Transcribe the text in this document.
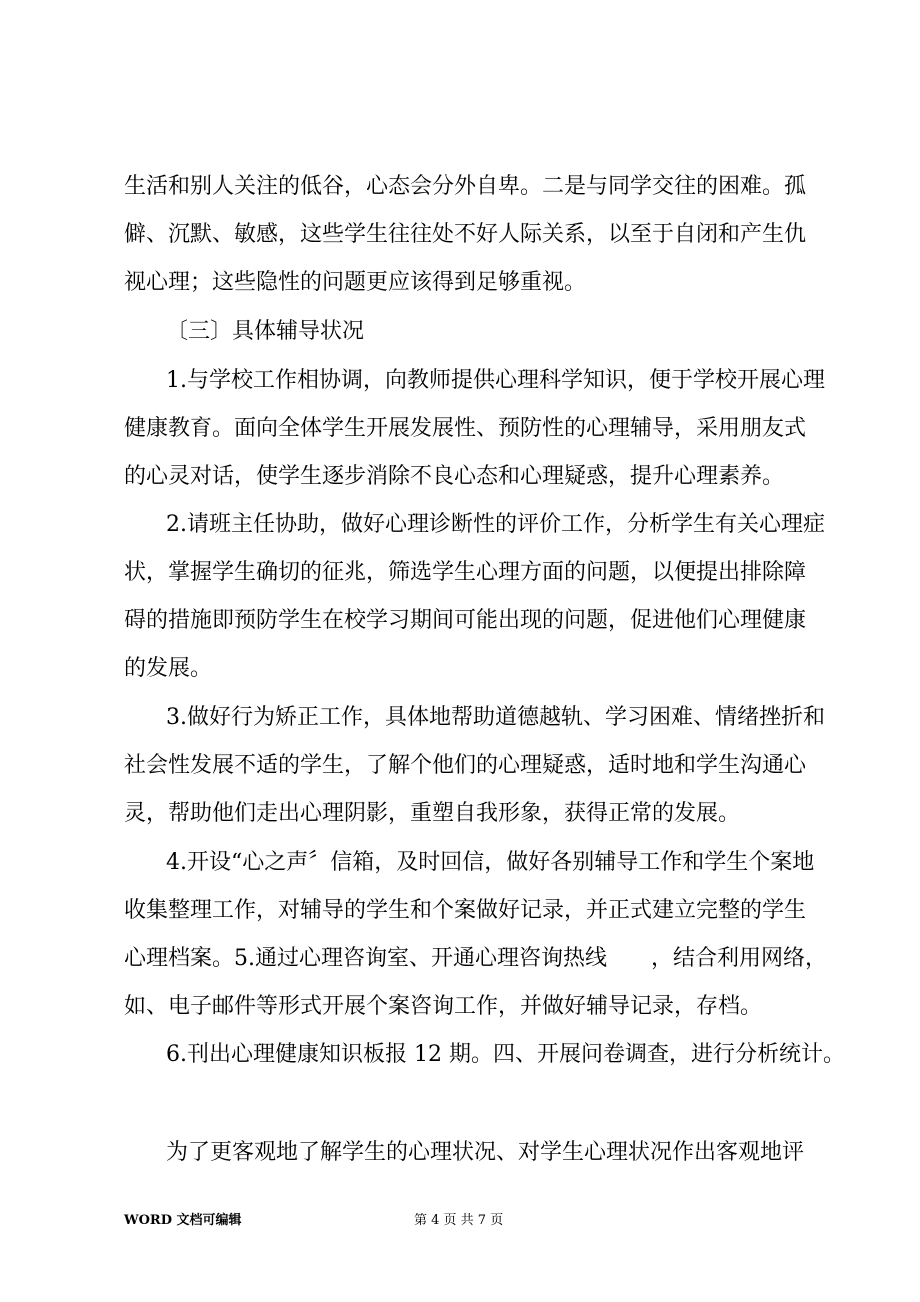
生活和别人关注的低谷，心态会分外自卑。二是与同学交往的困难。孤
僻、沉默、敏感，这些学生往往处不好人际关系，以至于自闭和产生仇
视心理；这些隐性的问题更应该得到足够重视。
〔三〕具体辅导状况
1.与学校工作相协调，向教师提供心理科学知识，便于学校开展心理
健康教育。面向全体学生开展发展性、预防性的心理辅导，采用朋友式
的心灵对话，使学生逐步消除不良心态和心理疑惑，提升心理素养。
2.请班主任协助，做好心理诊断性的评价工作，分析学生有关心理症
状，掌握学生确切的征兆，筛选学生心理方面的问题，以便提出排除障
碍的措施即预防学生在校学习期间可能出现的问题，促进他们心理健康
的发展。
3.做好行为矫正工作，具体地帮助道德越轨、学习困难、情绪挫折和
社会性发展不适的学生，了解个他们的心理疑惑，适时地和学生沟通心
灵，帮助他们走出心理阴影，重塑自我形象，获得正常的发展。
4.开设“心之声〞信箱，及时回信，做好各别辅导工作和学生个案地
收集整理工作，对辅导的学生和个案做好记录，并正式建立完整的学生
心理档案。5.通过心理咨询室、开通心理咨询热线　　，结合利用网络，
如、电子邮件等形式开展个案咨询工作，并做好辅导记录，存档。
6.刊出心理健康知识板报 12 期。四、开展问卷调查，进行分析统计。
为了更客观地了解学生的心理状况、对学生心理状况作出客观地评
WORD 文档可编辑	第 4 页 共 7 页
